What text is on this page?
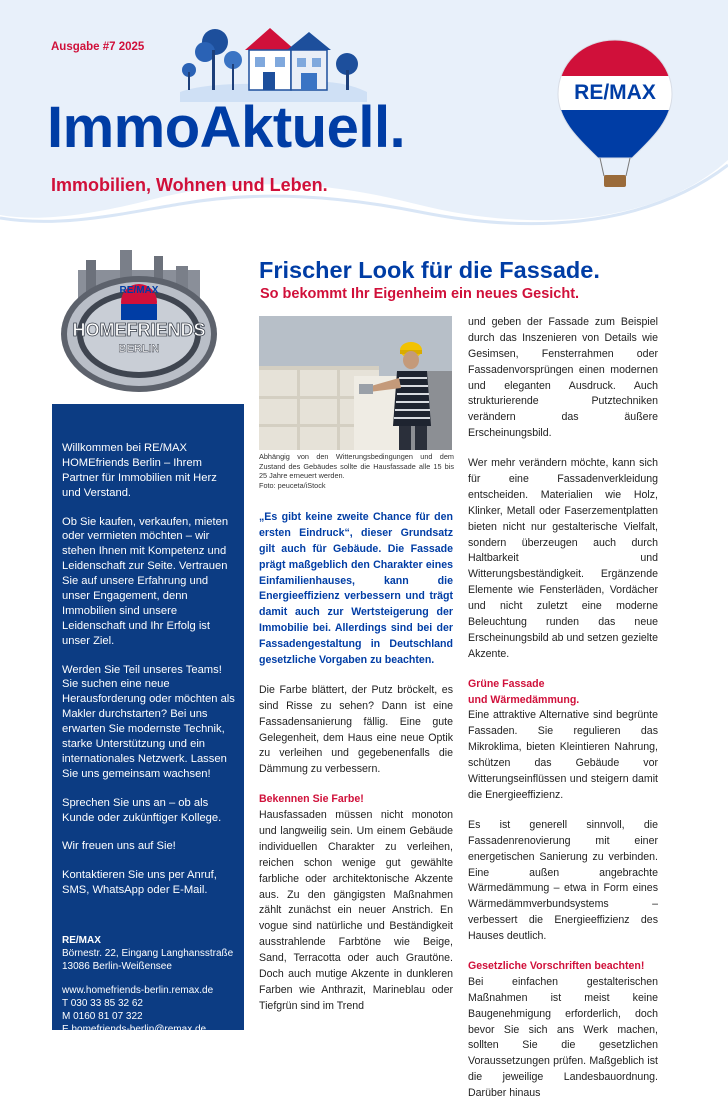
Ausgabe #7 2025
ImmoAktuell.
Immobilien, Wohnen und Leben.
RE/MAX
RE/MAX
HOMEFRIENDS
BERLIN

Willkommen bei RE/MAX HOMEfriends Berlin – Ihrem Partner für Immobilien mit Herz und Verstand.

Ob Sie kaufen, verkaufen, mieten oder vermieten möchten – wir stehen Ihnen mit Kompetenz und Leidenschaft zur Seite. Vertrauen Sie auf unsere Erfahrung und unser Engagement, denn Immobilien sind unsere Leidenschaft und Ihr Erfolg ist unser Ziel.

Werden Sie Teil unseres Teams! Sie suchen eine neue Herausforderung oder möchten als Makler durchstarten? Bei uns erwarten Sie modernste Technik, starke Unterstützung und ein internationales Netzwerk. Lassen Sie uns gemeinsam wachsen!

Sprechen Sie uns an – ob als Kunde oder zukünftiger Kollege.

Wir freuen uns auf Sie!

Kontaktieren Sie uns per Anruf, SMS, WhatsApp oder E-Mail.

RE/MAX
Börnestr. 22, Eingang Langhansstraße
13086 Berlin-Weißensee
www.homefriends-berlin.remax.de
T 030 33 85 32 62
M 0160 81 07 322
E homefriends-berlin@remax.de
Frischer Look für die Fassade.
So bekommt Ihr Eigenheim ein neues Gesicht.
Abhängig von den Witterungsbedingungen und dem Zustand des Gebäudes sollte die Hausfassade alle 15 bis 25 Jahre erneuert werden.
Foto: peuceta/iStock

„Es gibt keine zweite Chance für den ersten Eindruck“, dieser Grundsatz gilt auch für Gebäude. Die Fassade prägt maßgeblich den Charakter eines Einfamilienhauses, kann die Energieeffizienz verbessern und trägt damit auch zur Wertsteigerung der Immobilie bei. Allerdings sind bei der Fassadengestaltung in Deutschland gesetzliche Vorgaben zu beachten.

Die Farbe blättert, der Putz bröckelt, es sind Risse zu sehen? Dann ist eine Fassadensanierung fällig. Eine gute Gelegenheit, dem Haus eine neue Optik zu verleihen und gegebenenfalls die Dämmung zu verbessern.

Bekennen Sie Farbe!

Hausfassaden müssen nicht monoton und langweilig sein. Um einem Gebäude individuellen Charakter zu verleihen, reichen schon wenige gut gewählte farbliche oder architektonische Akzente aus. Zu den gängigsten Maßnahmen zählt zunächst ein neuer Anstrich. En vogue sind natürliche und Beständigkeit ausstrahlende Farbtöne wie Beige, Sand, Terracotta oder auch Grautöne. Doch auch mutige Akzente in dunkleren Farben wie Anthrazit, Marineblau oder Tiefgrün sind im Trend

und geben der Fassade zum Beispiel durch das Inszenieren von Details wie Gesimsen, Fensterrahmen oder Fassadenvorsprüngen einen modernen und eleganten Ausdruck. Auch strukturierende Putztechniken verändern das äußere Erscheinungsbild.

Wer mehr verändern möchte, kann sich für eine Fassadenverkleidung entscheiden. Materialien wie Holz, Klinker, Metall oder Faserzementplatten bieten nicht nur gestalterische Vielfalt, sondern überzeugen auch durch Haltbarkeit und Witterungsbeständigkeit. Ergänzende Elemente wie Fensterläden, Vordächer und nicht zuletzt eine moderne Beleuchtung runden das neue Erscheinungsbild ab und setzen gezielte Akzente.

Grüne Fassade
und Wärmedämmung.

Eine attraktive Alternative sind begrünte Fassaden. Sie regulieren das Mikroklima, bieten Kleintieren Nahrung, schützen das Gebäude vor Witterungseinflüssen und steigern damit die Energieeffizienz.

Es ist generell sinnvoll, die Fassadenrenovierung mit einer energetischen Sanierung zu verbinden. Eine außen angebrachte Wärmedämmung – etwa in Form eines Wärmedämmverbundsystems – verbessert die Energieeffizienz des Hauses deutlich.

Gesetzliche Vorschriften beachten!

Bei einfachen gestalterischen Maßnahmen ist meist keine Baugenehmigung erforderlich, doch bevor Sie sich ans Werk machen, sollten Sie die gesetzlichen Voraussetzungen prüfen. Maßgeblich ist die jeweilige Landesbauordnung. Darüber hinaus
